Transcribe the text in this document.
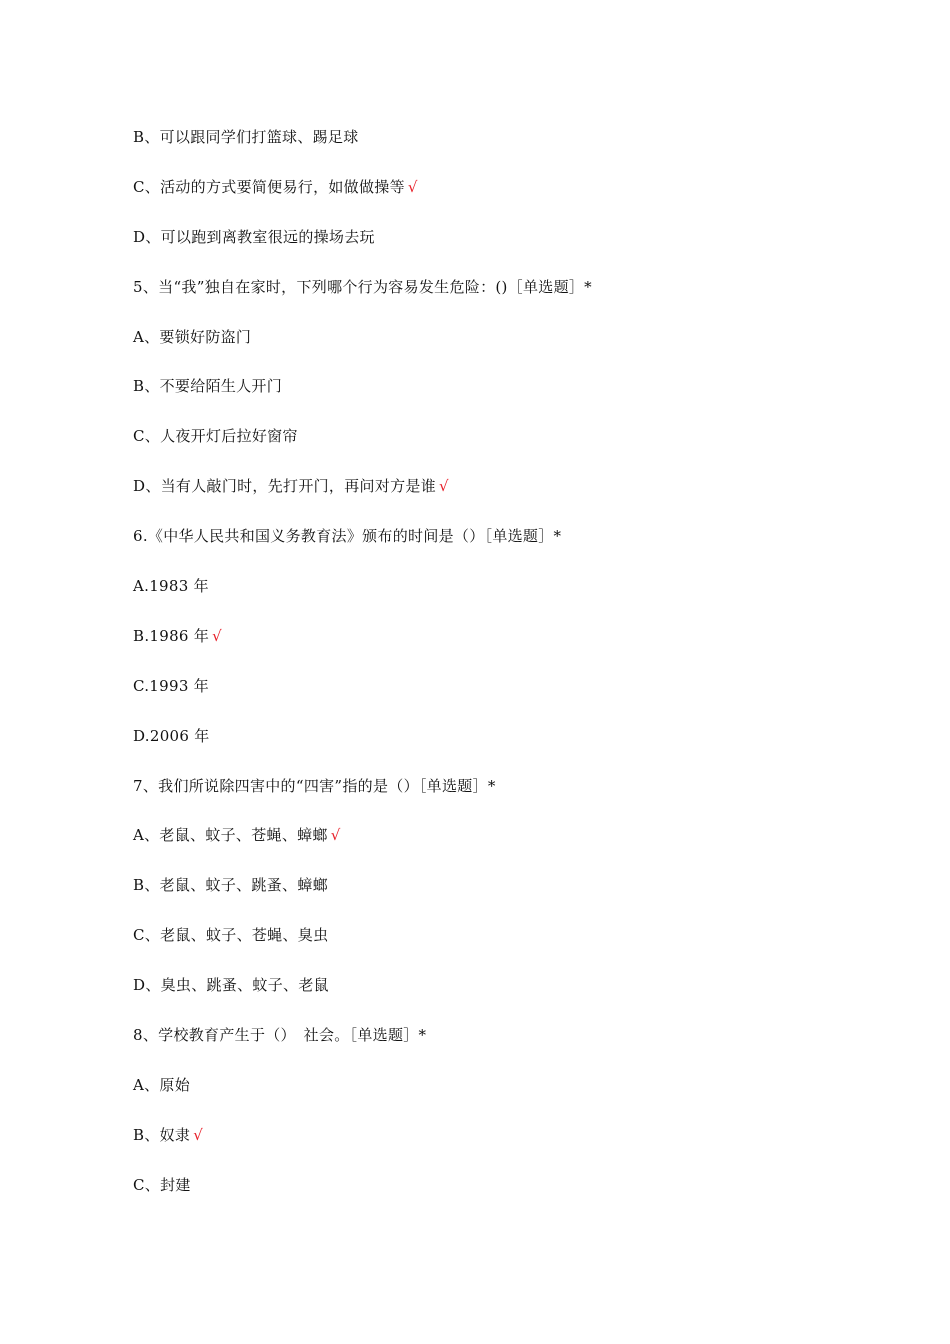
B、可以跟同学们打篮球、踢足球
C、活动的方式要简便易行，如做做操等 √
D、可以跑到离教室很远的操场去玩
5、当“我”独自在家时，下列哪个行为容易发生危险：()［单选题］*
A、要锁好防盗门
B、不要给陌生人开门
C、人夜开灯后拉好窗帘
D、当有人敲门时，先打开门，再问对方是谁 √
6.《中华人民共和国义务教育法》颁布的时间是（）［单选题］*
A.1983 年
B.1986 年 √
C.1993 年
D.2006 年
7、我们所说除四害中的“四害”指的是（）［单选题］*
A、老鼠、蚊子、苍蝇、蟑螂 √
B、老鼠、蚊子、跳蚤、蟑螂
C、老鼠、蚊子、苍蝇、臭虫
D、臭虫、跳蚤、蚊子、老鼠
8、学校教育产生于（）　社会。［单选题］*
A、原始
B、奴隶 √
C、封建
